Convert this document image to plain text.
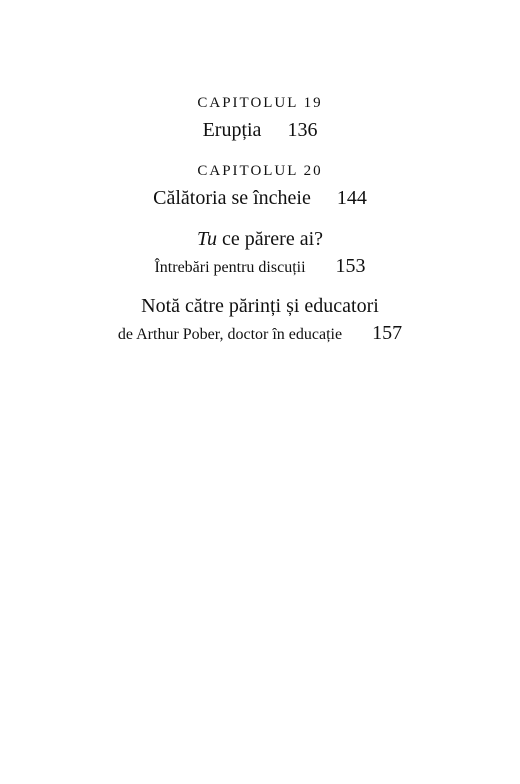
CAPITOLUL 19
Erupția 136
CAPITOLUL 20
Călătoria se încheie 144
Tu ce părere ai?
Întrebări pentru discuții 153
Notă către părinți și educatori
de Arthur Pober, doctor în educație 157
